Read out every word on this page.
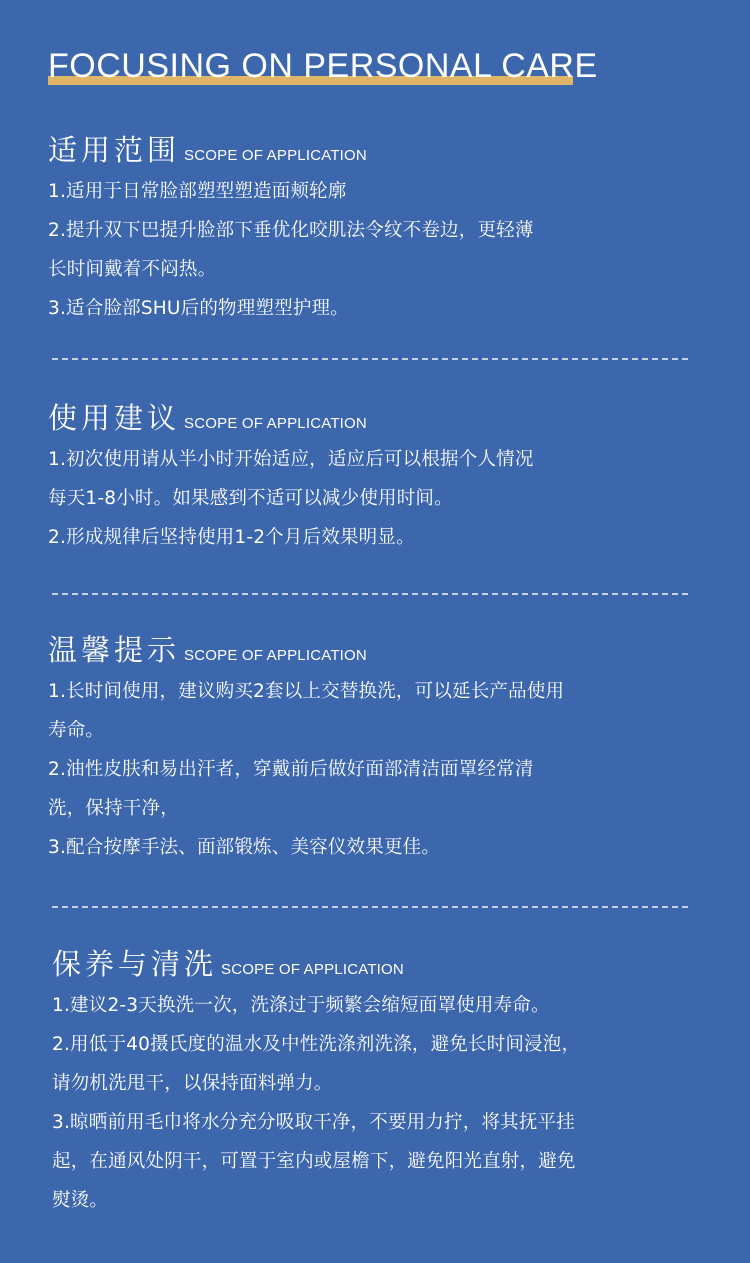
FOCUSING ON PERSONAL CARE
适用范围 SCOPE OF APPLICATION
1.适用于日常脸部塑型塑造面颊轮廓
2.提升双下巴提升脸部下垂优化咬肌法令纹不卷边，更轻薄
长时间戴着不闷热。
3.适合脸部SHU后的物理塑型护理。
使用建议 SCOPE OF APPLICATION
1.初次使用请从半小时开始适应，适应后可以根据个人情况
每天1-8小时。如果感到不适可以减少使用时间。
2.形成规律后坚持使用1-2个月后效果明显。
温馨提示 SCOPE OF APPLICATION
1.长时间使用，建议购买2套以上交替换洗，可以延长产品使用
寿命。
2.油性皮肤和易出汗者，穿戴前后做好面部清洁面罩经常清
洗，保持干净，
3.配合按摩手法、面部锻炼、美容仪效果更佳。
保养与清洗 SCOPE OF APPLICATION
1.建议2-3天换洗一次，洗涤过于频繁会缩短面罩使用寿命。
2.用低于40摄氏度的温水及中性洗涤剂洗涤，避免长时间浸泡，
请勿机洗甩干，以保持面料弹力。
3.晾晒前用毛巾将水分充分吸取干净，不要用力拧，将其抚平挂
起，在通风处阴干，可置于室内或屋檐下，避免阳光直射，避免
熨烫。
